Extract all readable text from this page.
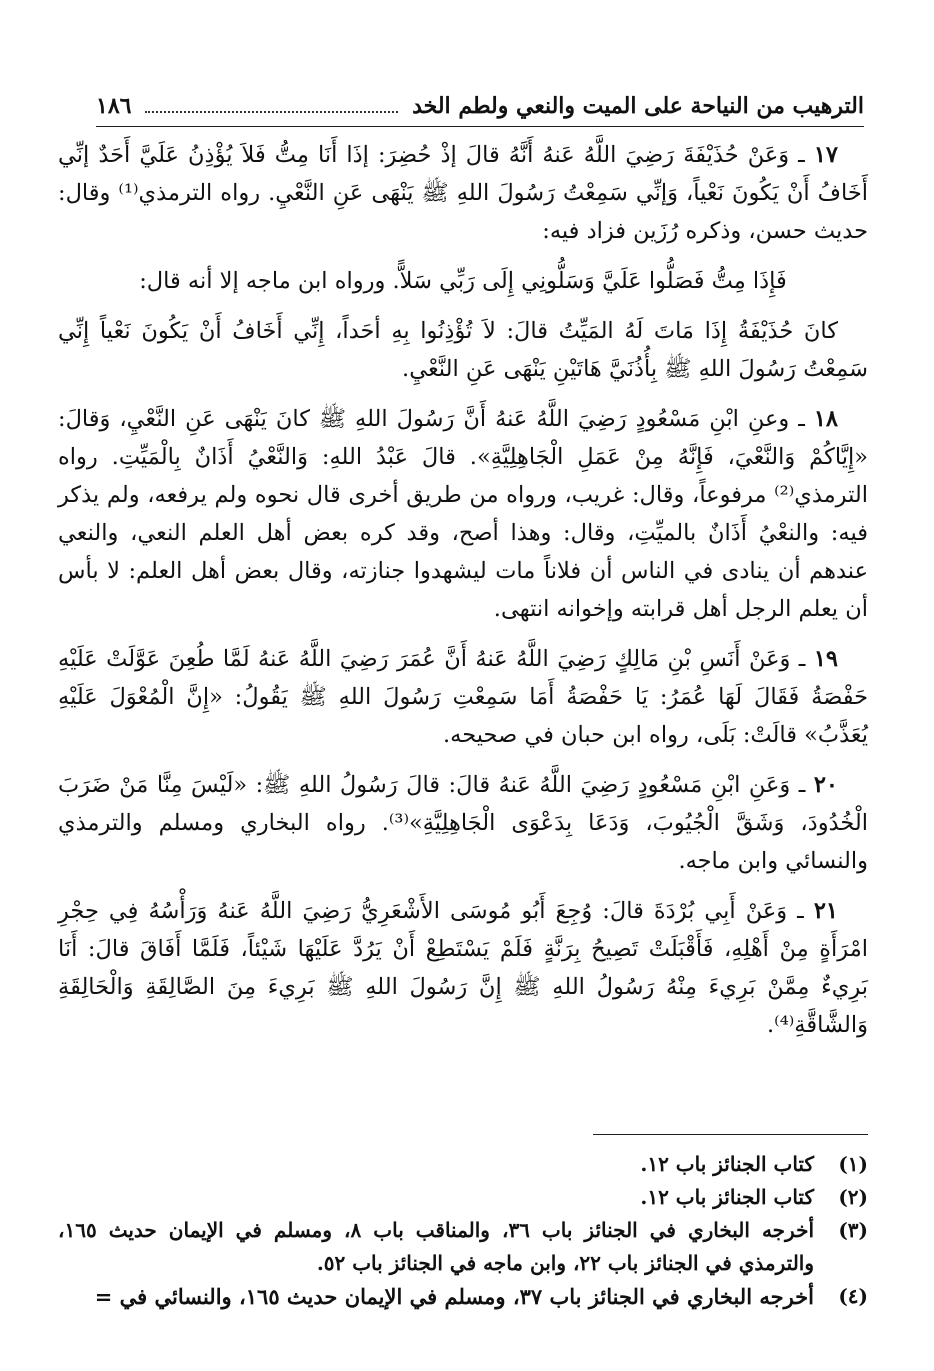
الترهيب من النياحة على الميت والنعي ولطم الخد
١٨٦

١٧ ـ وَعَنْ حُذَيْفَةَ رَضِيَ اللَّهُ عَنهُ أَنَّهُ قالَ إذْ حُضِرَ: إذَا أَنَا مِتُّ فَلاَ يُؤْذِنُ عَلَيَّ أَحَدٌ إنِّي أَخَافُ أَنْ يَكُونَ نَعْياً، وَإنِّي سَمِعْتُ رَسُولَ اللهِ ﷺ يَنْهَى عَنِ النَّعْيِ. رواه الترمذي⁽¹⁾ وقال: حديث حسن، وذكره رُزَين فزاد فيه:

فَإِذَا مِتُّ فَصَلُّوا عَلَيَّ وَسَلُّونِي إِلَى رَبِّي سَلاًّ. ورواه ابن ماجه إلا أنه قال:

كانَ حُذَيْفَةُ إِذَا مَاتَ لَهُ المَيِّتُ قالَ: لاَ تُؤْذِنُوا بِهِ أحَداً، إِنِّي أَخَافُ أَنْ يَكُونَ نَعْياً إِنِّي سَمِعْتُ رَسُولَ اللهِ ﷺ بِأُذُنَيَّ هَاتَيْنِ يَنْهَى عَنِ النَّعْيِ.

١٨ ـ وعنِ ابْنِ مَسْعُودٍ رَضِيَ اللَّهُ عَنهُ أَنَّ رَسُولَ اللهِ ﷺ كانَ يَنْهَى عَنِ النَّعْيِ، وَقالَ: «إِيَّاكُمْ وَالنَّعْيَ، فَإِنَّهُ مِنْ عَمَلِ الْجَاهِلِيَّةِ». قالَ عَبْدُ اللهِ: وَالنَّعْيُ أَذَانٌ بِالْمَيِّتِ. رواه الترمذي⁽²⁾ مرفوعاً، وقال: غريب، ورواه من طريق أخرى قال نحوه ولم يرفعه، ولم يذكر فيه: والنعْيُ أَذَانٌ بالميِّتِ، وقال: وهذا أصح، وقد كره بعض أهل العلم النعي، والنعي عندهم أن ينادى في الناس أن فلاناً مات ليشهدوا جنازته، وقال بعض أهل العلم: لا بأس أن يعلم الرجل أهل قرابته وإخوانه انتهى.

١٩ ـ وَعَنْ أَنَسِ بْنِ مَالِكٍ رَضِيَ اللَّهُ عَنهُ أَنَّ عُمَرَ رَضِيَ اللَّهُ عَنهُ لَمَّا طُعِنَ عَوَّلَتْ عَلَيْهِ حَفْصَةُ فَقَالَ لَهَا عُمَرُ: يَا حَفْصَةُ أَمَا سَمِعْتِ رَسُولَ اللهِ ﷺ يَقُولُ: «إِنَّ الْمُعْوَلَ عَلَيْهِ يُعَذَّبُ» قالَتْ: بَلَى، رواه ابن حبان في صحيحه.

٢٠ ـ وَعَنِ ابْنِ مَسْعُودٍ رَضِيَ اللَّهُ عَنهُ قالَ: قالَ رَسُولُ اللهِ ﷺ: «لَيْسَ مِنَّا مَنْ ضَرَبَ الْخُدُودَ، وَشَقَّ الْجُيُوبَ، وَدَعَا بِدَعْوَى الْجَاهِلِيَّةِ»⁽³⁾. رواه البخاري ومسلم والترمذي والنسائي وابن ماجه.

٢١ ـ وَعَنْ أَبِي بُرْدَةَ قالَ: وُجِعَ أَبُو مُوسَى الأَشْعَرِيُّ رَضِيَ اللَّهُ عَنهُ وَرَأْسُهُ فِي حِجْرِ امْرَأَةٍ مِنْ أَهْلِهِ، فَأَقْبَلَتْ تَصِيحُ بِرَنَّةٍ فَلَمْ يَسْتَطِعْ أَنْ يَرُدَّ عَلَيْهَا شَيْئاً، فَلَمَّا أَفَاقَ قالَ: أَنَا بَرِيءٌ مِمَّنْ بَرِيءَ مِنْهُ رَسُولُ اللهِ ﷺ إِنَّ رَسُولَ اللهِ ﷺ بَرِيءَ مِنَ الصَّالِقَةِ وَالْحَالِقَةِ وَالشَّاقَّةِ⁽⁴⁾.

(١)
كتاب الجنائز باب ١٢.
(٢)
كتاب الجنائز باب ١٢.
(٣)
أخرجه البخاري في الجنائز باب ٣٦، والمناقب باب ٨، ومسلم في الإيمان حديث ١٦٥، والترمذي في الجنائز باب ٢٢، وابن ماجه في الجنائز باب ٥٢.
(٤)
أخرجه البخاري في الجنائز باب ٣٧، ومسلم في الإيمان حديث ١٦٥، والنسائي في =
